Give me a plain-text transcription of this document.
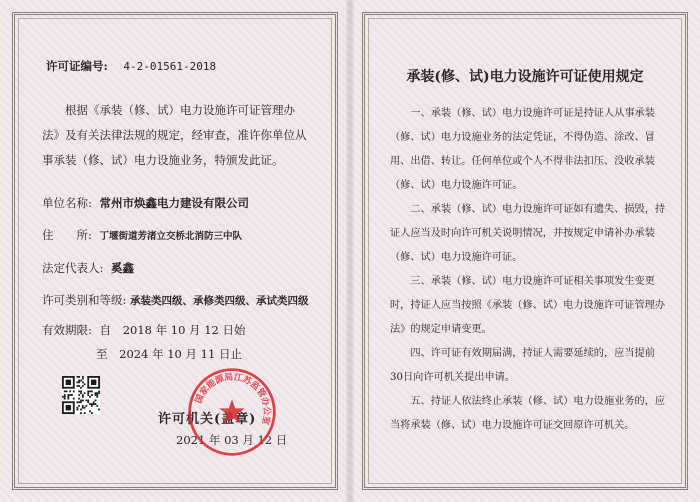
许可证编号: 4-2-01561-2018
根据《承装（修、试）电力设施许可证管理办法》及有关法律法规的规定，经审查，准许你单位从事承装（修、试）电力设施业务，特颁发此证。
单位名称: 常州市焕鑫电力建设有限公司
住　　所: 丁堰街道芳渚立交桥北消防三中队
法定代表人: 奚鑫
许可类别和等级: 承装类四级、承修类四级、承试类四级
有效期限: 自 2018 年 10 月 12 日始
至 2024 年 10 月 11 日止
许可机关(盖章)
2021 年 03 月 12 日
国家能源局江苏监管办公室
承装(修、试)电力设施许可证使用规定
一、承装（修、试）电力设施许可证是持证人从事承装（修、试）电力设施业务的法定凭证，不得伪造、涂改、冒用、出借、转让。任何单位或个人不得非法扣压、没收承装（修、试）电力设施许可证。
二、承装（修、试）电力设施许可证如有遗失、损毁，持证人应当及时向许可机关说明情况，并按规定申请补办承装（修、试）电力设施许可证。
三、承装（修、试）电力设施许可证相关事项发生变更时，持证人应当按照《承装（修、试）电力设施许可证管理办法》的规定申请变更。
四、许可证有效期届满，持证人需要延续的，应当提前30日向许可机关提出申请。
五、持证人依法终止承装（修、试）电力设施业务的，应当将承装（修、试）电力设施许可证交回原许可机关。
